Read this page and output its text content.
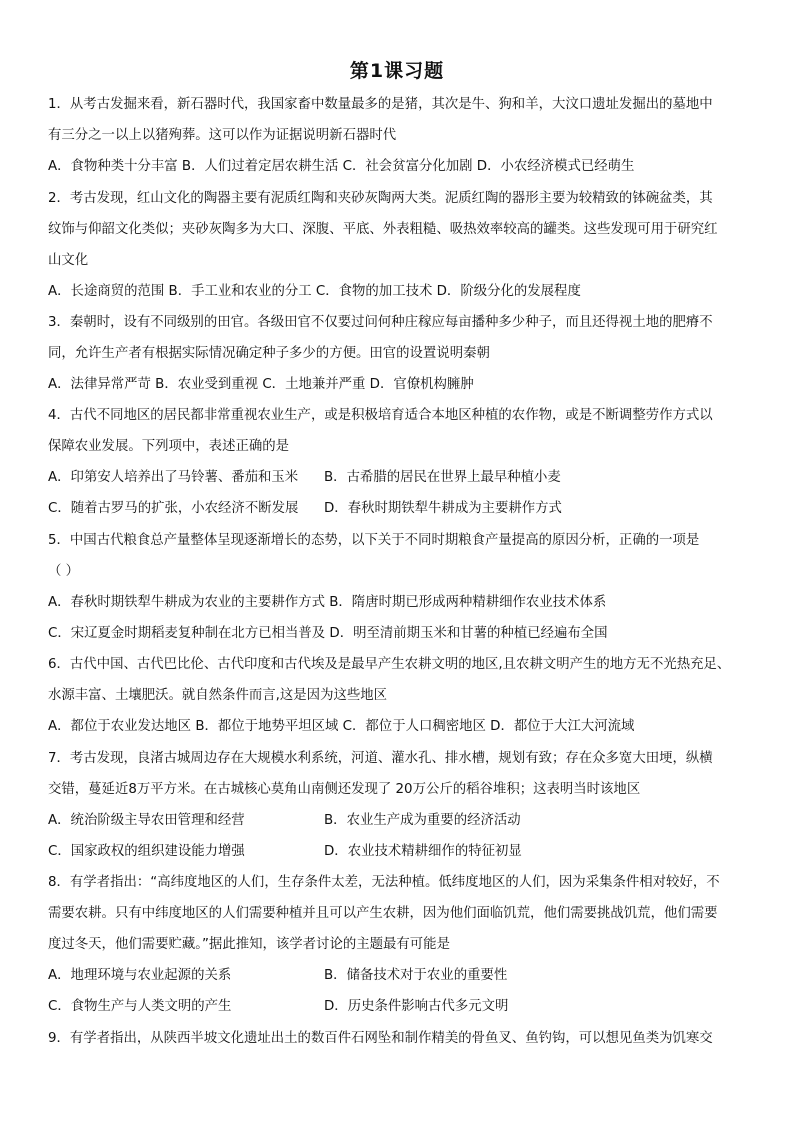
第1课习题
1．从考古发掘来看，新石器时代，我国家畜中数量最多的是猪，其次是牛、狗和羊，大汶口遗址发掘出的墓地中
有三分之一以上以猪殉葬。这可以作为证据说明新石器时代
A．食物种类十分丰富 B．人们过着定居农耕生活 C．社会贫富分化加剧 D．小农经济模式已经萌生
2．考古发现，红山文化的陶器主要有泥质红陶和夹砂灰陶两大类。泥质红陶的器形主要为较精致的钵碗盆类，其
纹饰与仰韶文化类似；夹砂灰陶多为大口、深腹、平底、外表粗糙、吸热效率较高的罐类。这些发现可用于研究红
山文化
A．长途商贸的范围 B．手工业和农业的分工 C．食物的加工技术 D．阶级分化的发展程度
3．秦朝时，设有不同级别的田官。各级田官不仅要过问何种庄稼应每亩播种多少种子，而且还得视土地的肥瘠不
同，允许生产者有根据实际情况确定种子多少的方便。田官的设置说明秦朝
A．法律异常严苛 B．农业受到重视 C．土地兼并严重 D．官僚机构臃肿
4．古代不同地区的居民都非常重视农业生产，或是积极培育适合本地区种植的农作物，或是不断调整劳作方式以
保障农业发展。下列项中，表述正确的是
A．印第安人培养出了马铃薯、番茄和玉米 B．古希腊的居民在世界上最早种植小麦
C．随着古罗马的扩张，小农经济不断发展 D．春秋时期铁犁牛耕成为主要耕作方式
5．中国古代粮食总产量整体呈现逐渐增长的态势，以下关于不同时期粮食产量提高的原因分析，正确的一项是
（ ）
A．春秋时期铁犁牛耕成为农业的主要耕作方式 B．隋唐时期已形成两种精耕细作农业技术体系
C．宋辽夏金时期稻麦复种制在北方已相当普及 D．明至清前期玉米和甘薯的种植已经遍布全国
6．古代中国、古代巴比伦、古代印度和古代埃及是最早产生农耕文明的地区,且农耕文明产生的地方无不光热充足、
水源丰富、土壤肥沃。就自然条件而言,这是因为这些地区
A．都位于农业发达地区 B．都位于地势平坦区域 C．都位于人口稠密地区 D．都位于大江大河流域
7．考古发现，良渚古城周边存在大规模水利系统，河道、灌水孔、排水槽，规划有致；存在众多宽大田埂，纵横
交错，蔓延近8万平方米。在古城核心莫角山南侧还发现了 20万公斤的稻谷堆积；这表明当时该地区
A．统治阶级主导农田管理和经营	B．农业生产成为重要的经济活动
C．国家政权的组织建设能力增强	D．农业技术精耕细作的特征初显
8．有学者指出：“高纬度地区的人们，生存条件太差，无法种植。低纬度地区的人们，因为采集条件相对较好，不
需要农耕。只有中纬度地区的人们需要种植并且可以产生农耕，因为他们面临饥荒，他们需要挑战饥荒，他们需要
度过冬天，他们需要贮藏。”据此推知，该学者讨论的主题最有可能是
A．地理环境与农业起源的关系	B．储备技术对于农业的重要性
C．食物生产与人类文明的产生	D．历史条件影响古代多元文明
9．有学者指出，从陕西半坡文化遗址出土的数百件石网坠和制作精美的骨鱼叉、鱼钓钩，可以想见鱼类为饥寒交
